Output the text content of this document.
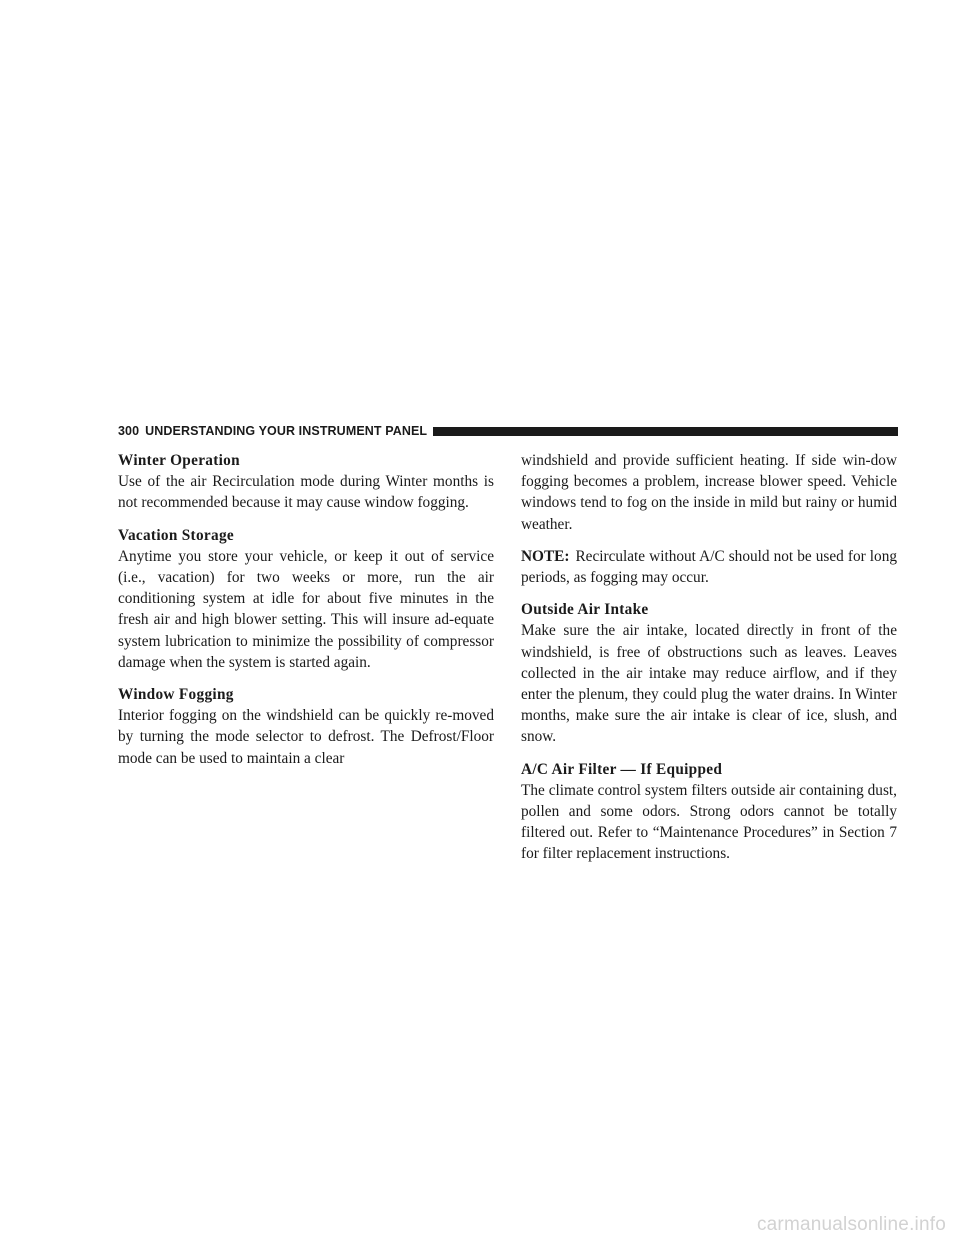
300 UNDERSTANDING YOUR INSTRUMENT PANEL
Winter Operation

Use of the air Recirculation mode during Winter months is not recommended because it may cause window fogging.

Vacation Storage

Anytime you store your vehicle, or keep it out of service (i.e., vacation) for two weeks or more, run the air conditioning system at idle for about five minutes in the fresh air and high blower setting. This will insure ad-equate system lubrication to minimize the possibility of compressor damage when the system is started again.

Window Fogging

Interior fogging on the windshield can be quickly re-moved by turning the mode selector to defrost. The Defrost/Floor mode can be used to maintain a clear

windshield and provide sufficient heating. If side win-dow fogging becomes a problem, increase blower speed. Vehicle windows tend to fog on the inside in mild but rainy or humid weather.

NOTE: Recirculate without A/C should not be used for long periods, as fogging may occur.

Outside Air Intake

Make sure the air intake, located directly in front of the windshield, is free of obstructions such as leaves. Leaves collected in the air intake may reduce airflow, and if they enter the plenum, they could plug the water drains. In Winter months, make sure the air intake is clear of ice, slush, and snow.

A/C Air Filter — If Equipped

The climate control system filters outside air containing dust, pollen and some odors. Strong odors cannot be totally filtered out. Refer to “Maintenance Procedures” in Section 7 for filter replacement instructions.

carmanualsonline.info
